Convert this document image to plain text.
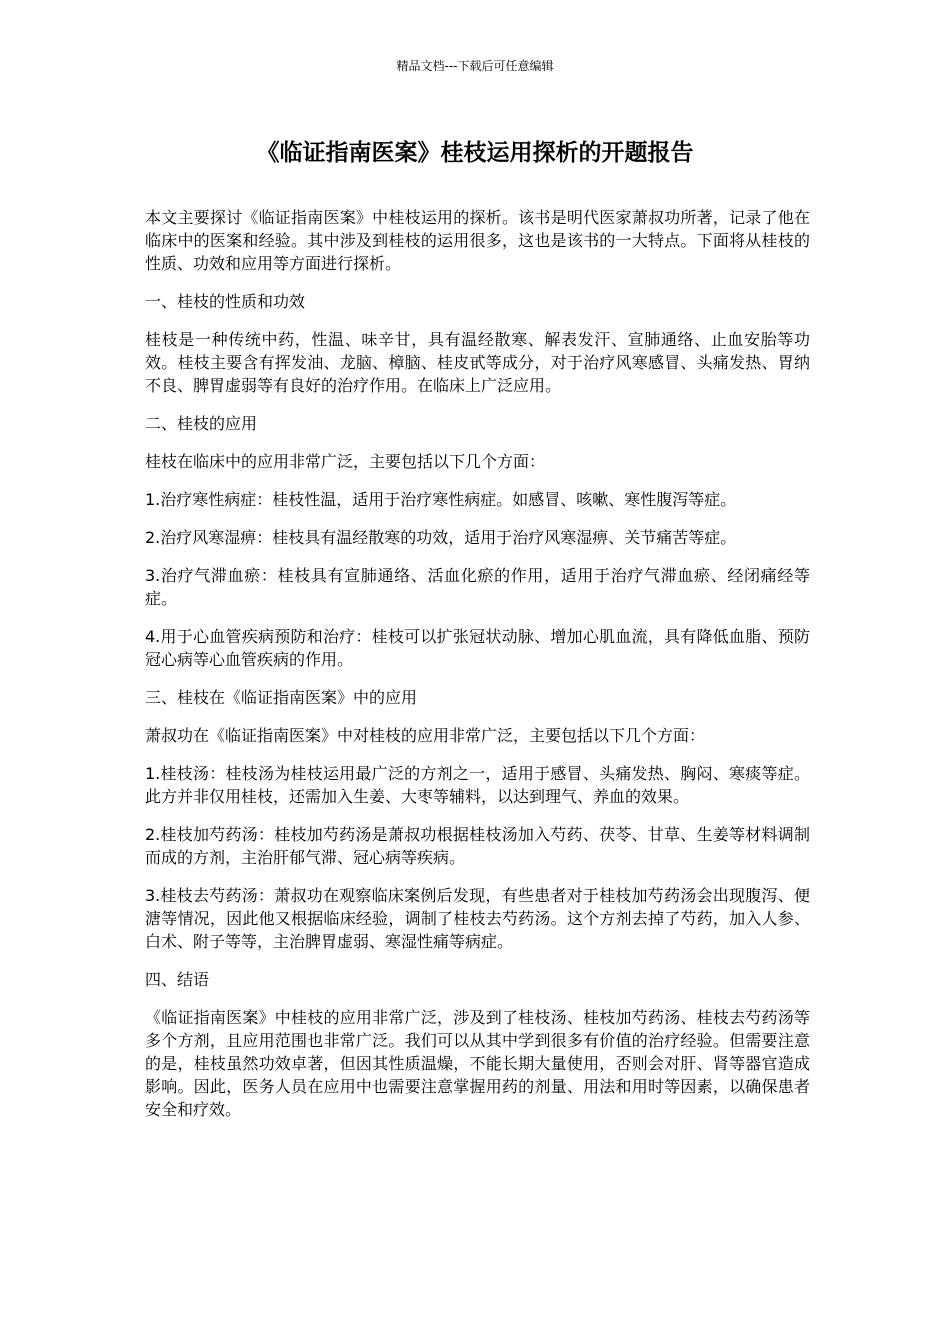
精品文档---下载后可任意编辑
《临证指南医案》桂枝运用探析的开题报告

本文主要探讨《临证指南医案》中桂枝运用的探析。该书是明代医家萧叔功所著，记录了他在临床中的医案和经验。其中涉及到桂枝的运用很多，这也是该书的一大特点。下面将从桂枝的性质、功效和应用等方面进行探析。

一、桂枝的性质和功效

桂枝是一种传统中药，性温、味辛甘，具有温经散寒、解表发汗、宣肺通络、止血安胎等功效。桂枝主要含有挥发油、龙脑、樟脑、桂皮甙等成分，对于治疗风寒感冒、头痛发热、胃纳不良、脾胃虚弱等有良好的治疗作用。在临床上广泛应用。

二、桂枝的应用

桂枝在临床中的应用非常广泛，主要包括以下几个方面：

1.治疗寒性病症：桂枝性温，适用于治疗寒性病症。如感冒、咳嗽、寒性腹泻等症。

2.治疗风寒湿痹：桂枝具有温经散寒的功效，适用于治疗风寒湿痹、关节痛苦等症。

3.治疗气滞血瘀：桂枝具有宣肺通络、活血化瘀的作用，适用于治疗气滞血瘀、经闭痛经等症。

4.用于心血管疾病预防和治疗：桂枝可以扩张冠状动脉、增加心肌血流，具有降低血脂、预防冠心病等心血管疾病的作用。

三、桂枝在《临证指南医案》中的应用

萧叔功在《临证指南医案》中对桂枝的应用非常广泛，主要包括以下几个方面：

1.桂枝汤：桂枝汤为桂枝运用最广泛的方剂之一，适用于感冒、头痛发热、胸闷、寒痰等症。此方并非仅用桂枝，还需加入生姜、大枣等辅料，以达到理气、养血的效果。

2.桂枝加芍药汤：桂枝加芍药汤是萧叔功根据桂枝汤加入芍药、茯苓、甘草、生姜等材料调制而成的方剂，主治肝郁气滞、冠心病等疾病。

3.桂枝去芍药汤：萧叔功在观察临床案例后发现，有些患者对于桂枝加芍药汤会出现腹泻、便溏等情况，因此他又根据临床经验，调制了桂枝去芍药汤。这个方剂去掉了芍药，加入人参、白术、附子等等，主治脾胃虚弱、寒湿性痛等病症。

四、结语

《临证指南医案》中桂枝的应用非常广泛，涉及到了桂枝汤、桂枝加芍药汤、桂枝去芍药汤等多个方剂，且应用范围也非常广泛。我们可以从其中学到很多有价值的治疗经验。但需要注意的是，桂枝虽然功效卓著，但因其性质温燥，不能长期大量使用，否则会对肝、肾等器官造成影响。因此，医务人员在应用中也需要注意掌握用药的剂量、用法和用时等因素，以确保患者安全和疗效。
